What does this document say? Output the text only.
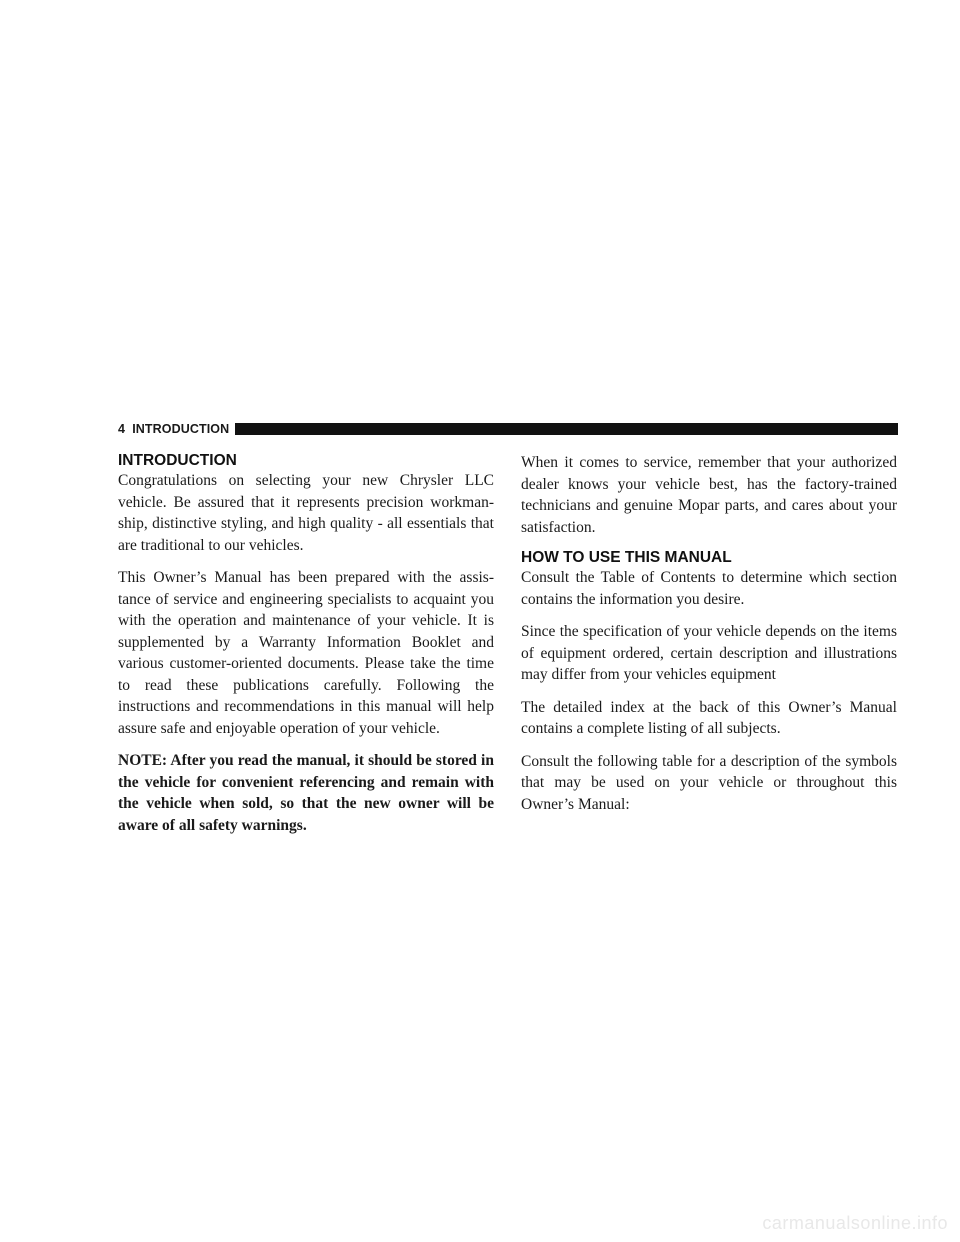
4 INTRODUCTION
INTRODUCTION

Congratulations on selecting your new Chrysler LLC vehicle. Be assured that it represents precision workman- ship, distinctive styling, and high quality - all essentials that are traditional to our vehicles.

This Owner’s Manual has been prepared with the assis- tance of service and engineering specialists to acquaint you with the operation and maintenance of your vehicle. It is supplemented by a Warranty Information Booklet and various customer-oriented documents. Please take the time to read these publications carefully. Following the instructions and recommendations in this manual will help assure safe and enjoyable operation of your vehicle.

NOTE: After you read the manual, it should be stored in the vehicle for convenient referencing and remain with the vehicle when sold, so that the new owner will be aware of all safety warnings.

When it comes to service, remember that your authorized dealer knows your vehicle best, has the factory-trained technicians and genuine Mopar parts, and cares about your satisfaction.

HOW TO USE THIS MANUAL

Consult the Table of Contents to determine which section contains the information you desire.

Since the specification of your vehicle depends on the items of equipment ordered, certain description and illustrations may differ from your vehicles equipment

The detailed index at the back of this Owner’s Manual contains a complete listing of all subjects.

Consult the following table for a description of the symbols that may be used on your vehicle or throughout this Owner’s Manual:

carmanualsonline.info
